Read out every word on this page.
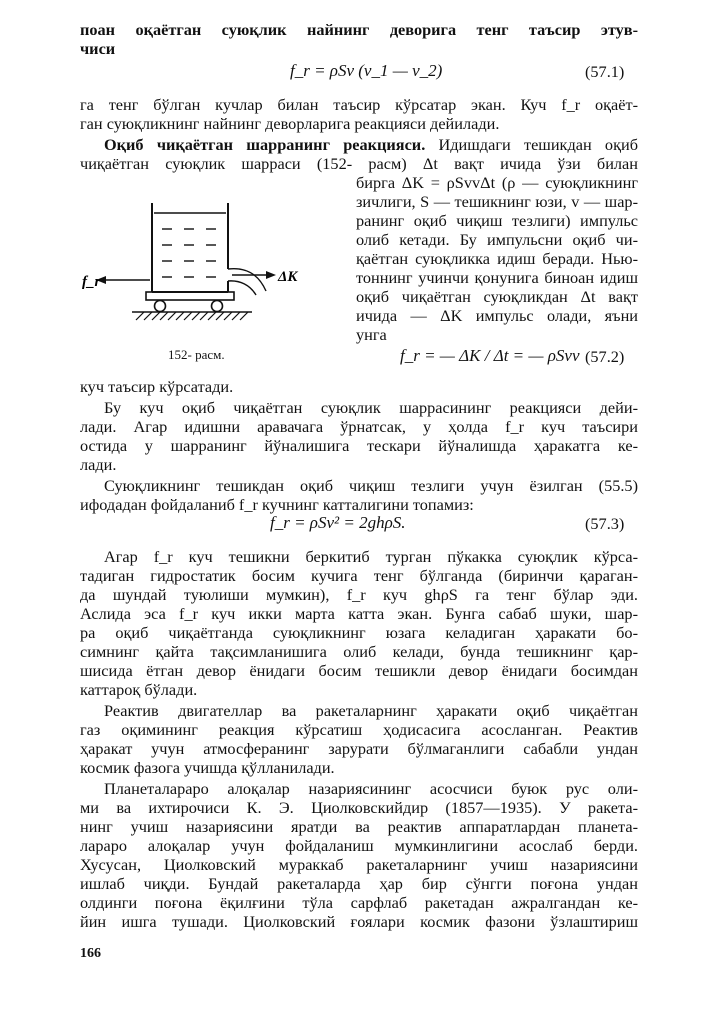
поан оқаётган суюқлик найнинг деворига тенг таъсир этув-
чиси
f_r = ρSv (v_1 — v_2)	(57.1)
га тенг бўлган кучлар билан таъсир кўрсатар экан. Куч f_r оқаёт-
ган суюқликнинг найнинг деворларига реакцияси дейилади.
Оқиб чиқаётган шарранинг реакцияси. Идишдаги тешикдан оқиб
чиқаётган суюқлик шарраси (152- расм) Δt вақт ичида ўзи билан
ΔK
f_r
152- расм.
бирга ΔK = ρSvvΔt (ρ — суюқликнинг
зичлиги, S — тешикнинг юзи, v — шар-
ранинг оқиб чиқиш тезлиги) импульс
олиб кетади. Бу импульсни оқиб чи-
қаётган суюқликка идиш беради. Нью-
тоннинг учинчи қонунига биноан идиш
оқиб чиқаётган суюқликдан Δt вақт
ичида — ΔK импульс олади, яъни
унга
f_r = — ΔK / Δt = — ρSvv (57.2)
куч таъсир кўрсатади.
Бу куч оқиб чиқаётган суюқлик шаррасининг реакцияси дейи-
лади. Агар идишни аравачага ўрнатсак, у ҳолда f_r куч таъсири
остида у шарранинг йўналишига тескари йўналишда ҳаракатга ке-
лади.
Суюқликнинг тешикдан оқиб чиқиш тезлиги учун ёзилган (55.5)
ифодадан фойдаланиб f_r кучнинг катталигини топамиз:
f_r = ρSv² = 2ghρS.	(57.3)
Агар f_r куч тешикни беркитиб турган пўкакка суюқлик кўрса-
тадиган гидростатик босим кучига тенг бўлганда (биринчи қараган-
да шундай туюлиши мумкин), f_r куч ghρS га тенг бўлар эди.
Аслида эса f_r куч икки марта катта экан. Бунга сабаб шуки, шар-
ра оқиб чиқаётганда суюқликнинг юзага келадиган ҳаракати бо-
симнинг қайта тақсимланишига олиб келади, бунда тешикнинг қар-
шисида ётган девор ёнидаги босим тешикли девор ёнидаги босимдан
каттароқ бўлади.
Реактив двигателлар ва ракеталарнинг ҳаракати оқиб чиқаётган
газ оқимининг реакция кўрсатиш ҳодисасига асосланган. Реактив
ҳаракат учун атмосферанинг зарурати бўлмаганлиги сабабли ундан
космик фазога учишда қўлланилади.
Планеталараро алоқалар назариясининг асосчиси буюк рус оли-
ми ва ихтирочиси К. Э. Циолковскийдир (1857—1935). У ракета-
нинг учиш назариясини яратди ва реактив аппаратлардан планета-
лараро алоқалар учун фойдаланиш мумкинлигини асослаб берди.
Хусусан, Циолковский мураккаб ракеталарнинг учиш назариясини
ишлаб чиқди. Бундай ракеталарда ҳар бир сўнгги поғона ундан
олдинги поғона ёқилғини тўла сарфлаб ракетадан ажралгандан ке-
йин ишга тушади. Циолковский ғоялари космик фазони ўзлаштириш
166
